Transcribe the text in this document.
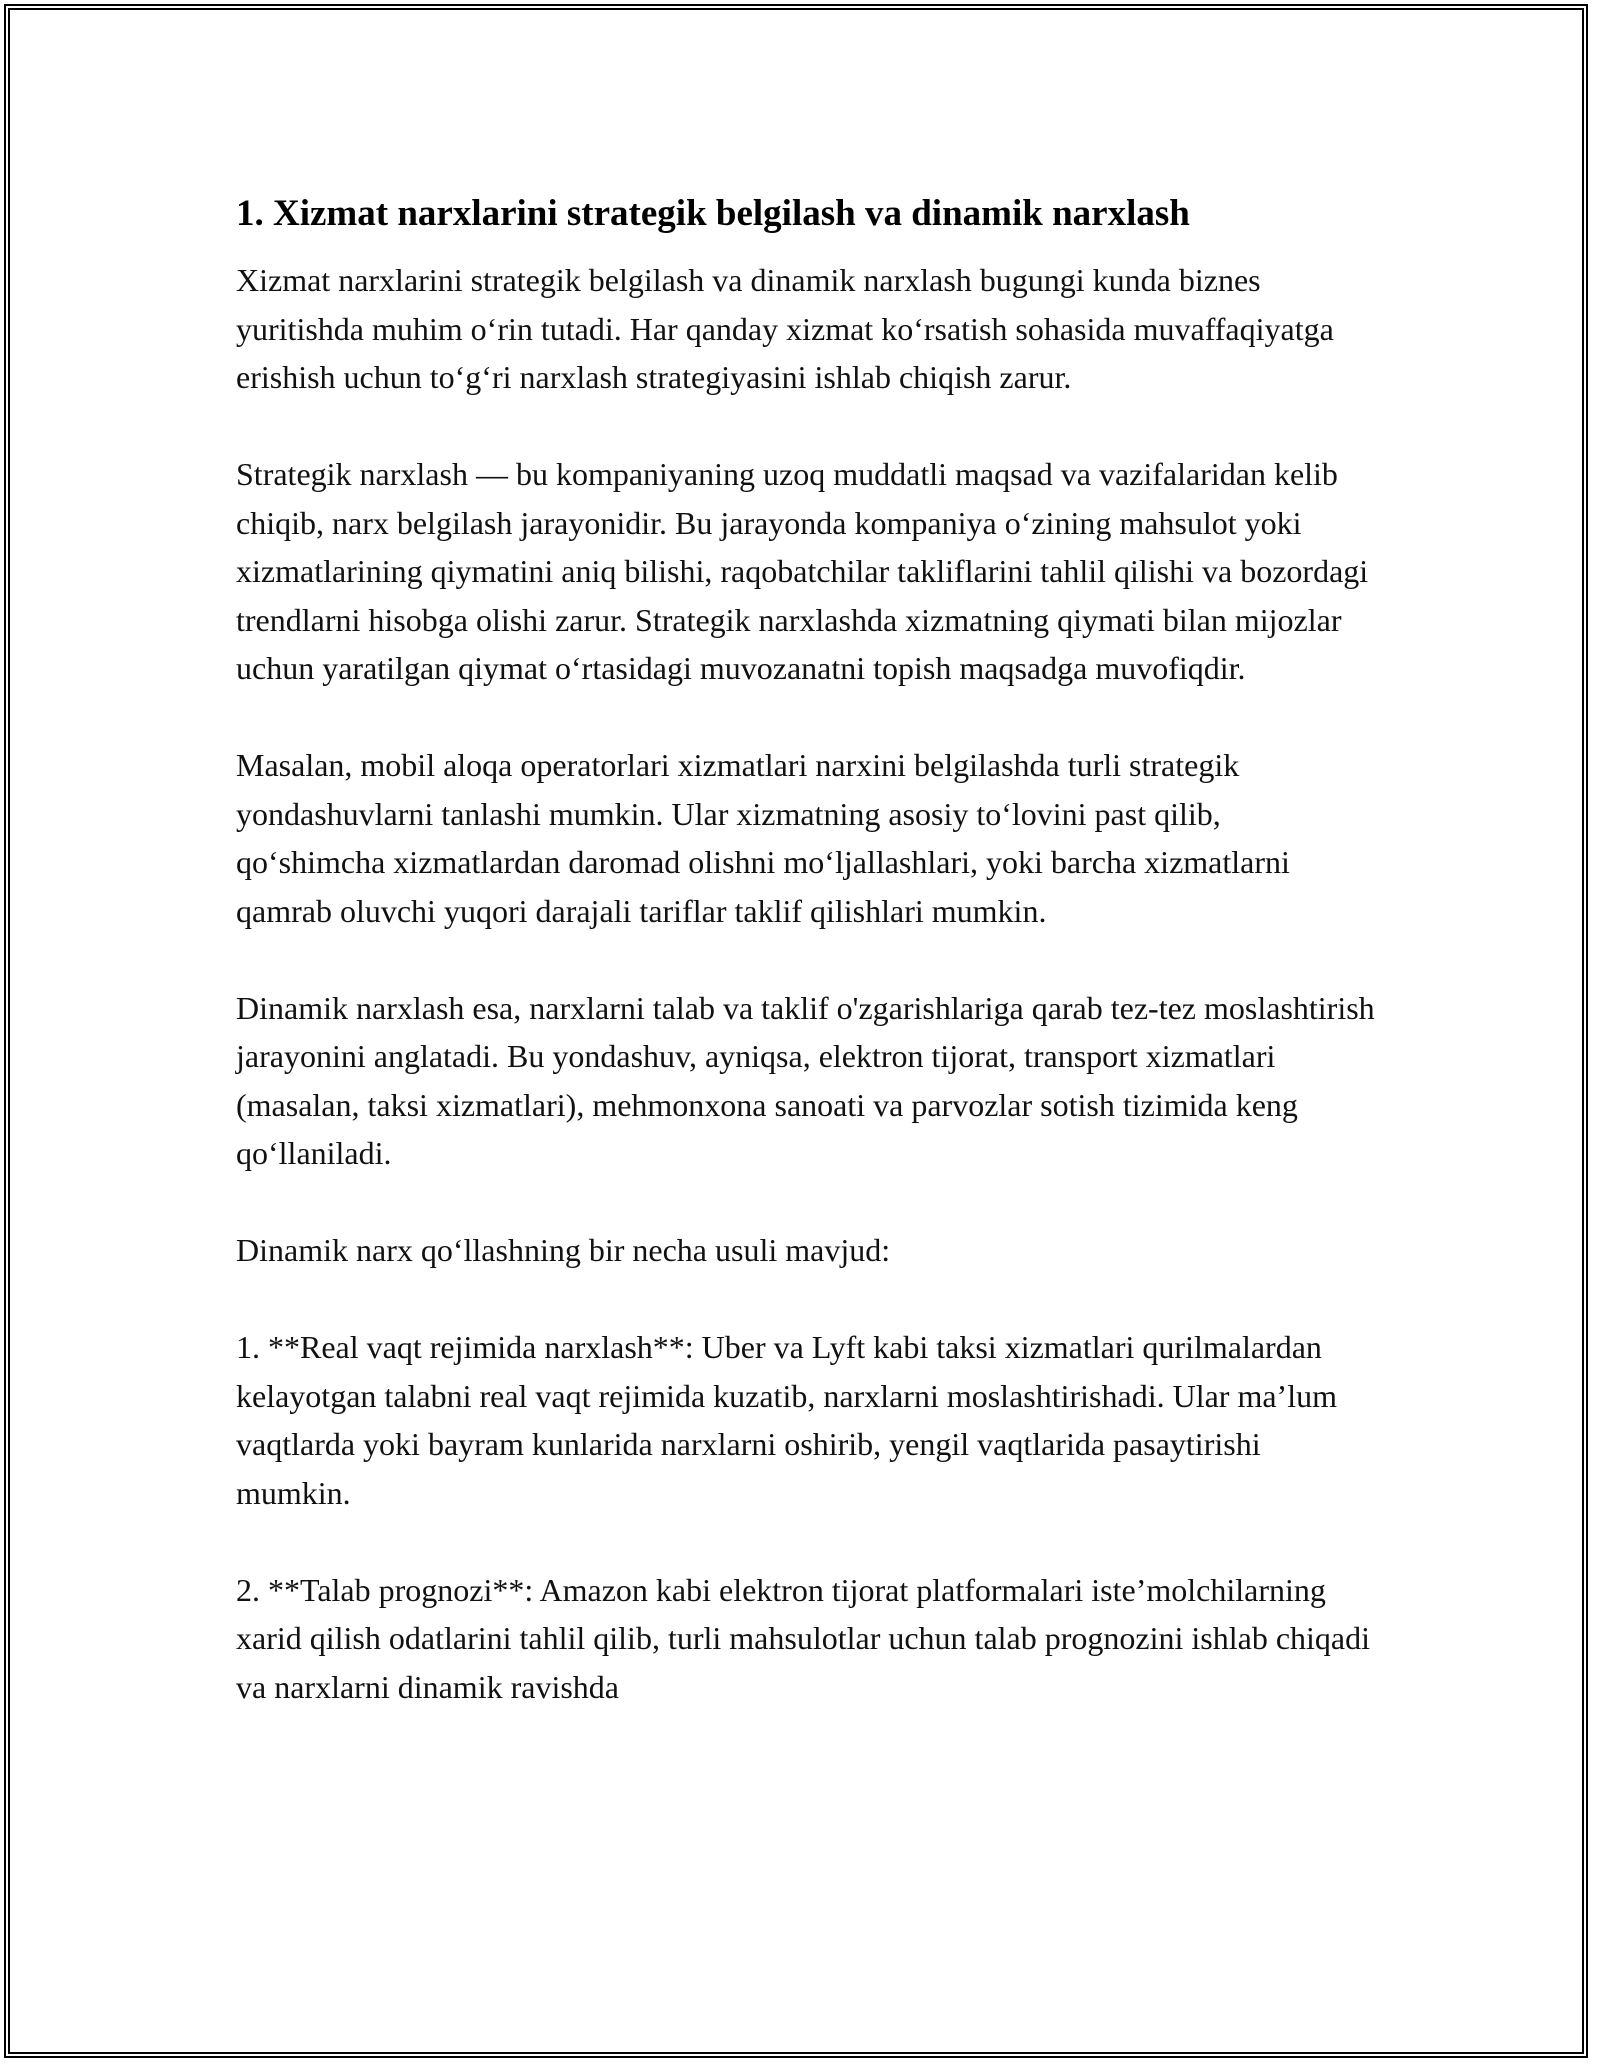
1. Xizmat narxlarini strategik belgilash va dinamik narxlash

Xizmat narxlarini strategik belgilash va dinamik narxlash bugungi kunda biznes yuritishda muhim oʻrin tutadi. Har qanday xizmat koʻrsatish sohasida muvaffaqiyatga erishish uchun toʻgʻri narxlash strategiyasini ishlab chiqish zarur.

Strategik narxlash — bu kompaniyaning uzoq muddatli maqsad va vazifalaridan kelib chiqib, narx belgilash jarayonidir. Bu jarayonda kompaniya oʻzining mahsulot yoki xizmatlarining qiymatini aniq bilishi, raqobatchilar takliflarini tahlil qilishi va bozordagi trendlarni hisobga olishi zarur. Strategik narxlashda xizmatning qiymati bilan mijozlar uchun yaratilgan qiymat oʻrtasidagi muvozanatni topish maqsadga muvofiqdir.

Masalan, mobil aloqa operatorlari xizmatlari narxini belgilashda turli strategik yondashuvlarni tanlashi mumkin. Ular xizmatning asosiy toʻlovini past qilib, qoʻshimcha xizmatlardan daromad olishni moʻljallashlari, yoki barcha xizmatlarni qamrab oluvchi yuqori darajali tariflar taklif qilishlari mumkin.

Dinamik narxlash esa, narxlarni talab va taklif o'zgarishlariga qarab tez-tez moslashtirish jarayonini anglatadi. Bu yondashuv, ayniqsa, elektron tijorat, transport xizmatlari (masalan, taksi xizmatlari), mehmonxona sanoati va parvozlar sotish tizimida keng qoʻllaniladi.

Dinamik narx qoʻllashning bir necha usuli mavjud:

1. **Real vaqt rejimida narxlash**: Uber va Lyft kabi taksi xizmatlari qurilmalardan kelayotgan talabni real vaqt rejimida kuzatib, narxlarni moslashtirishadi. Ular ma’lum vaqtlarda yoki bayram kunlarida narxlarni oshirib, yengil vaqtlarida pasaytirishi mumkin.

2. **Talab prognozi**: Amazon kabi elektron tijorat platformalari iste’molchilarning xarid qilish odatlarini tahlil qilib, turli mahsulotlar uchun talab prognozini ishlab chiqadi va narxlarni dinamik ravishda
